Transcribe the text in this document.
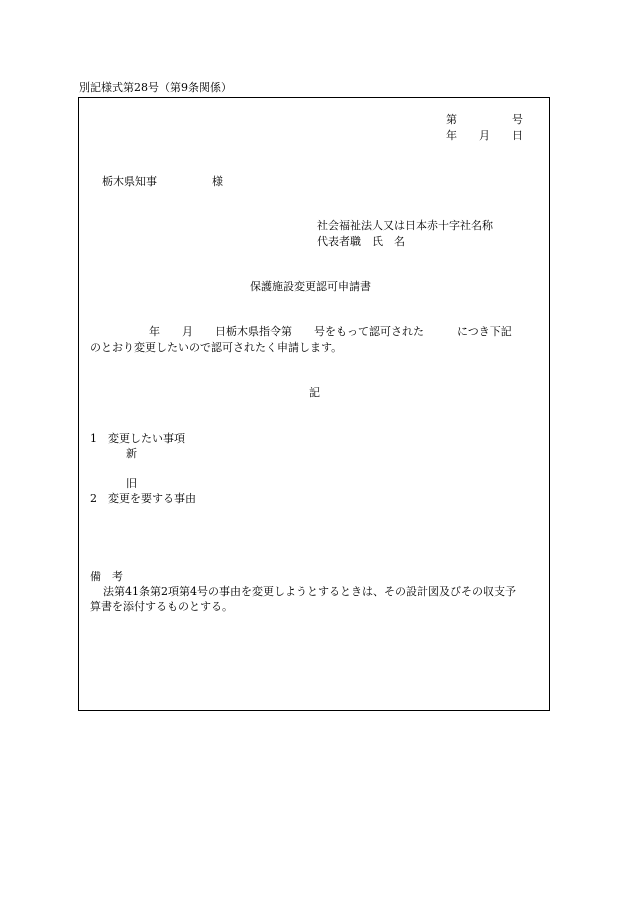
別記様式第28号（第9条関係）
第　　　　　号
年　　月　　日
栃木県知事　　　　　様
社会福祉法人又は日本赤十字社名称
代表者職　氏　名
保護施設変更認可申請書
年　　月　　日栃木県指令第　　号をもって認可された　　　につき下記
のとおり変更したいので認可されたく申請します。
記
1　変更したい事項
新
旧
2　変更を要する事由
備　考
法第41条第2項第4号の事由を変更しようとするときは、その設計図及びその収支予
算書を添付するものとする。
